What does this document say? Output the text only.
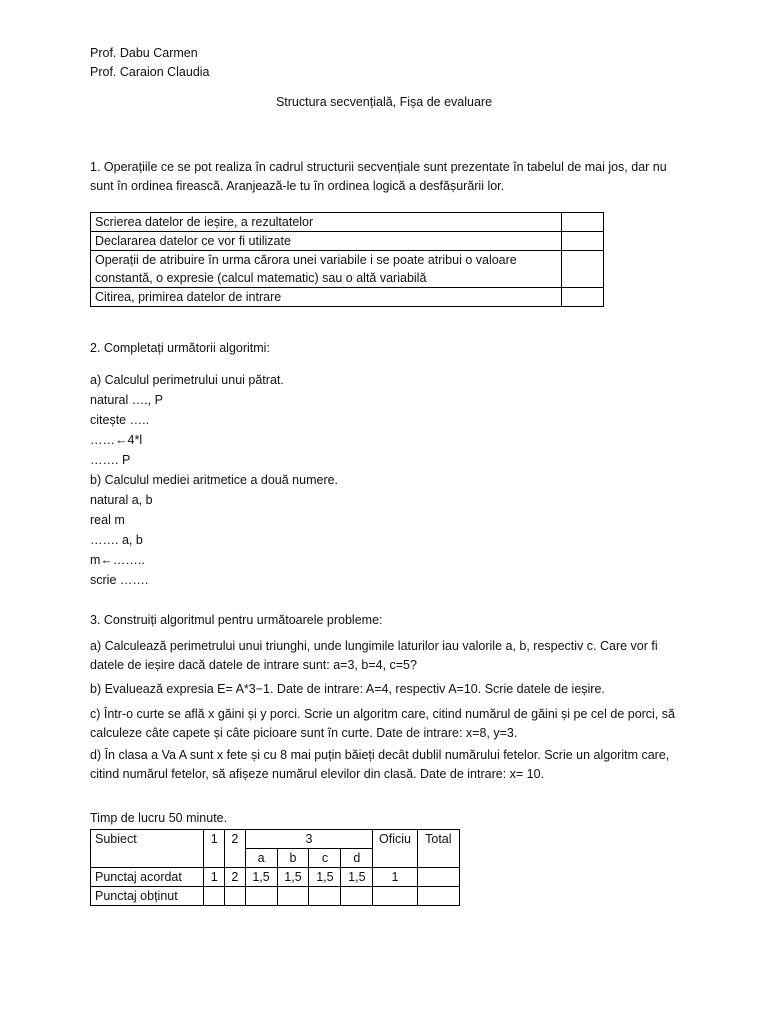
Prof. Dabu Carmen
Prof. Caraion Claudia
Structura secvențială, Fișa de evaluare
1. Operațiile ce se pot realiza în cadrul structurii secvențiale sunt prezentate în tabelul de mai jos, dar nu
sunt în ordinea firească. Aranjează-le tu în ordinea logică a desfășurării lor.
Scrierea datelor de ieșire, a rezultatelor	
Declararea datelor ce vor fi utilizate	
Operații de atribuire în urma cărora unei variabile i se poate atribui o valoare constantă, o expresie (calcul matematic) sau o altă variabilă	
Citirea, primirea datelor de intrare	
2. Completați următorii algoritmi:
a) Calculul perimetrului unui pătrat.
natural …., P
citește …..
……←4*l
……. P
b) Calculul mediei aritmetice a două numere.
natural a, b
real m
……. a, b
m←……..
scrie …….
3. Construiți algoritmul pentru următoarele probleme:
a) Calculează perimetrului unui triunghi, unde lungimile laturilor iau valorile a, b, respectiv c. Care vor fi datele de ieșire dacă datele de intrare sunt: a=3, b=4, c=5?
b) Evaluează expresia E= A*3−1. Date de intrare: A=4, respectiv A=10. Scrie datele de ieșire.
c) Într-o curte se află x găini și y porci. Scrie un algoritm care, citind numărul de găini și pe cel de porci, să calculeze câte capete și câte picioare sunt în curte. Date de intrare: x=8, y=3.
d) În clasa a Va A sunt x fete și cu 8 mai puțin băieți decât dublil numărului fetelor. Scrie un algoritm care, citind numărul fetelor, să afișeze numărul elevilor din clasă. Date de intrare: x= 10.
Timp de lucru 50 minute.
Subiect	1	2	3				Oficiu	Total
			a	b	c	d		
Punctaj acordat	1	2	1,5	1,5	1,5	1,5	1	
Punctaj obținut								
